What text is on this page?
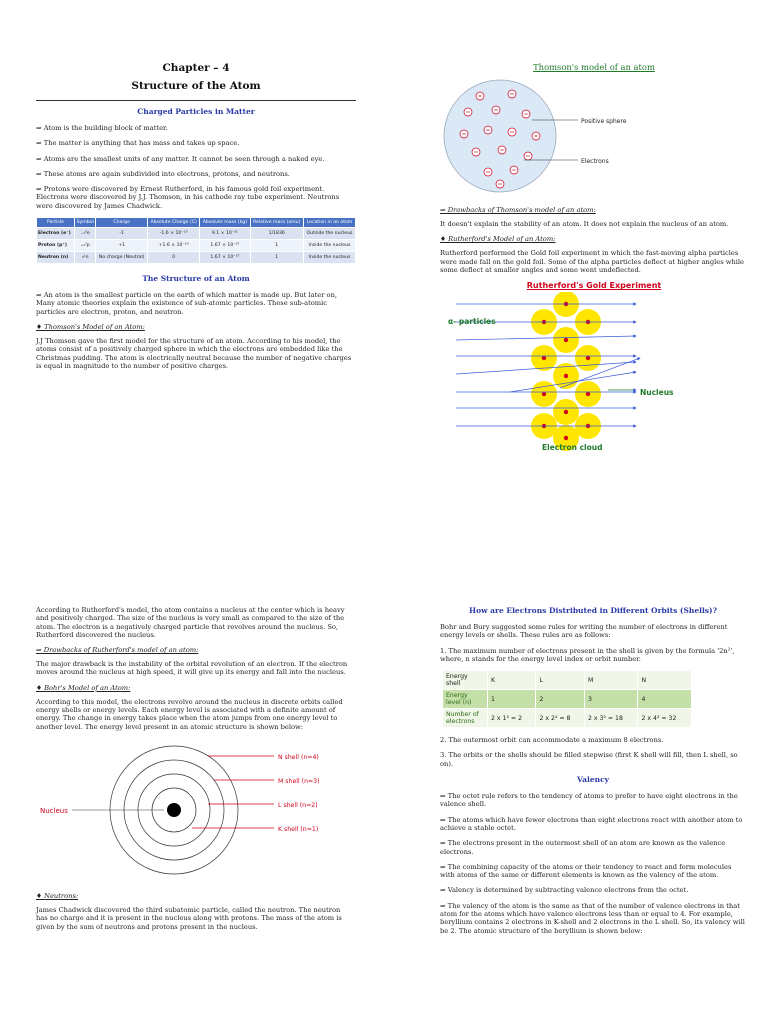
Chapter – 4
Structure of the Atom
Charged Particles in Matter

⇒ Atom is the building block of matter.

⇒ The matter is anything that has mass and takes up space.

⇒ Atoms are the smallest units of any matter. It cannot be seen through a naked eye.

⇒ These atoms are again subdivided into electrons, protons, and neutrons.

⇒ Protons were discovered by Ernest Rutherford, in his famous gold foil experiment. Electrons were discovered by J.J. Thomson, in his cathode ray tube experiment. Neutrons were discovered by James Chadwick.

Particle	Symbol	Charge	Absolute Charge (C)	Absolute mass (kg)	Relative mass (amu)	Location in an atom
Electron (e⁻)	₋₁⁰e	-1	-1.6 × 10⁻¹⁹	9.1 × 10⁻³¹	1/1836	Outside the nucleus
Proton (p⁺)	₊₁¹p	+1	+1.6 × 10⁻¹⁹	1.67 × 10⁻²⁷	1	Inside the nucleus
Neutron (n)	₀¹n	No charge (Neutral)	0	1.67 × 10⁻²⁷	1	Inside the nucleus
The Structure of an Atom

⇒ An atom is the smallest particle on the earth of which matter is made up. But later on, Many atomic theories explain the existence of sub-atomic particles. These sub-atomic particles are electron, proton, and neutron.

♦ Thomson's Model of an Atom:

J.J Thomson gave the first model for the structure of an atom. According to his model, the atoms consist of a positively charged sphere in which the electrons are embedded like the Christmas pudding. The atom is electrically neutral because the number of negative charges is equal in magnitude to the number of positive charges.

Thomson's model of an atom
Positive sphere
Electrons
⇒ Drawbacks of Thomson's model of an atom:

It doesn't explain the stability of an atom. It does not explain the nucleus of an atom.

♦ Rutherford's Model of an Atom:

Rutherford performed the Gold foil experiment in which the fast-moving alpha particles were made fall on the gold foil. Some of the alpha particles deflect at higher angles while some deflect at smaller angles and some went undeflected.

Rutherford's Gold Experiment
α- particles
Nucleus
Electron cloud

According to Rutherford's model, the atom contains a nucleus at the center which is heavy and positively charged. The size of the nucleus is very small as compared to the size of the atom. The electron is a negatively charged particle that revolves around the nucleus. So, Rutherford discovered the nucleus.

⇒ Drawbacks of Rutherford's model of an atom:

The major drawback is the instability of the orbital revolution of an electron. If the electron moves around the nucleus at high speed, it will give up its energy and fall into the nucleus.

♦ Bohr's Model of an Atom:

According to this model, the electrons revolve around the nucleus in discrete orbits called energy shells or energy levels. Each energy level is associated with a definite amount of energy. The change in energy takes place when the atom jumps from one energy level to another level. The energy level present in an atomic structure is shown below:

Nucleus
N shell (n=4)
M shell (n=3)
L shell (n=2)
K shell (n=1)
♦ Neutrons:

James Chadwick discovered the third subatomic particle, called the neutron. The neutron has no charge and it is present in the nucleus along with protons. The mass of the atom is given by the sum of neutrons and protons present in the nucleus.

How are Electrons Distributed in Different Orbits (Shells)?

Bohr and Bury suggested some rules for writing the number of electrons in different energy levels or shells. These rules are as follows:

1. The maximum number of electrons present in the shell is given by the formula '2n²', where, n stands for the energy level index or orbit number.

Energy shell	K	L	M	N
Energy level (n)	1	2	3	4
Number of electrons	2 x 1² = 2	2 x 2² = 8	2 x 3² = 18	2 x 4² = 32

2. The outermost orbit can accommodate a maximum 8 electrons.

3. The orbits or the shells should be filled stepwise (first K shell will fill, then L shell, so on).

Valency

⇒ The octet rule refers to the tendency of atoms to prefer to have eight electrons in the valence shell.

⇒ The atoms which have fewer electrons than eight electrons react with another atom to achieve a stable octet.

⇒ The electrons present in the outermost shell of an atom are known as the valence electrons.

⇒ The combining capacity of the atoms or their tendency to react and form molecules with atoms of the same or different elements is known as the valency of the atom.

⇒ Valency is determined by subtracting valence electrons from the octet.

⇒ The valency of the atom is the same as that of the number of valence electrons in that atom for the atoms which have valence electrons less than or equal to 4. For example, beryllium contains 2 electrons in K-shell and 2 electrons in the L shell. So, its valency will be 2. The atomic structure of the beryllium is shown below:
